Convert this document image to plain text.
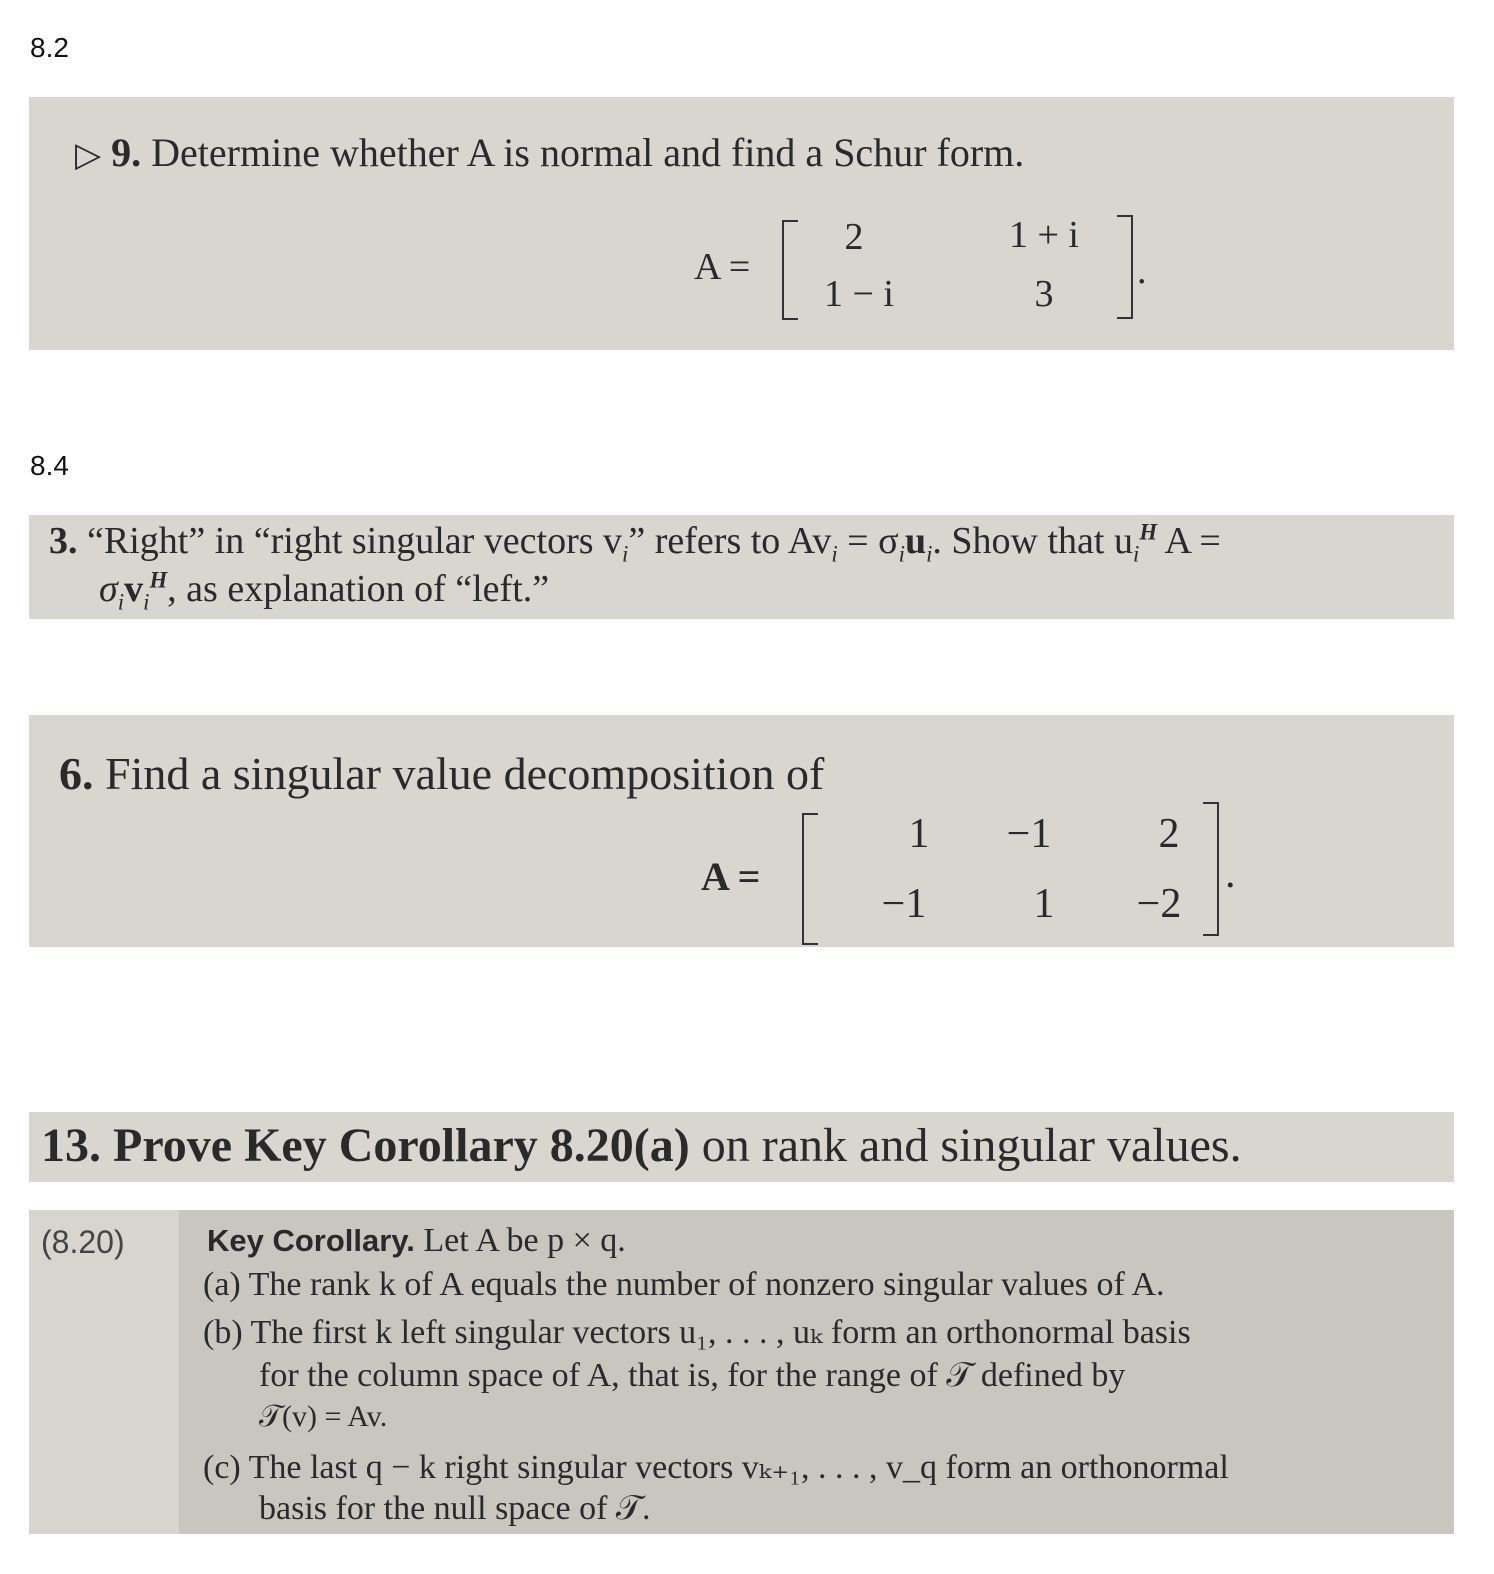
8.2
▷ 9. Determine whether A is normal and find a Schur form.
A =
2	1 + i
1 − i	3
.
8.4
3. “Right” in “right singular vectors $v_i$” refers to $Av_i = \sigma_iu_i$. Show that $u_i^H$ A =
$\sigma_iv_i^H$, as explanation of “left.”
6. Find a singular value decomposition of
A =
1	−1	2
−1	1	−2
.
13. Prove Key Corollary 8.20(a) on rank and singular values.
(8.20)	Key Corollary. Let A be p × q.
(a) The rank k of A equals the number of nonzero singular values of A.
(b) The first k left singular vectors u₁, . . . , uₖ form an orthonormal basis
for the column space of A, that is, for the range of 𝒯 defined by
𝒯(v) = Av.
(c) The last q − k right singular vectors vₖ₊₁, . . . , v_q form an orthonormal
basis for the null space of 𝒯.
